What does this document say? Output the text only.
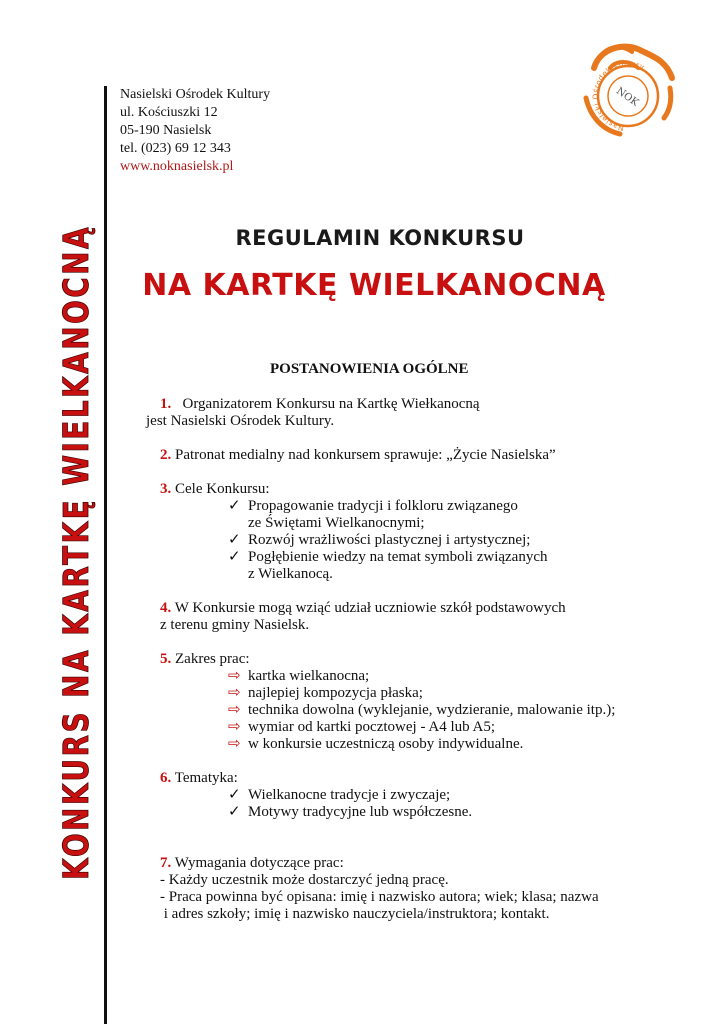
KONKURS NA KARTKĘ WIELKANOCNĄ Nasielski Ośrodek Kultury
ul. Kościuszki 12
05-190 Nasielsk
tel. (023) 69 12 343
www.noknasielsk.pl
Nasielski Ośrodek Kultury
NOK
REGULAMIN KONKURSU
NA KARTKĘ WIELKANOCNĄ
POSTANOWIENIA OGÓLNE

1. Organizatorem Konkursu na Kartkę Wiełkanocną

jest Nasielski Ośrodek Kultury.

2. Patronat medialny nad konkursem sprawuje: „Życie Nasielska”

3. Cele Konkursu:

✓ Propagowanie tradycji i folkloru związanego
ze Świętami Wielkanocnymi;
✓ Rozwój wrażliwości plastycznej i artystycznej;
✓ Pogłębienie wiedzy na temat symboli związanych
z Wielkanocą.

4. W Konkursie mogą wziąć udział uczniowie szkół podstawowych

z terenu gminy Nasielsk.

5. Zakres prac:

⇨ kartka wielkanocna;
⇨ najlepiej kompozycja płaska;
⇨ technika dowolna (wyklejanie, wydzieranie, malowanie itp.);
⇨ wymiar od kartki pocztowej - A4 lub A5;
⇨ w konkursie uczestniczą osoby indywidualne.

6. Tematyka:

✓ Wielkanocne tradycje i zwyczaje;
✓ Motywy tradycyjne lub współczesne.

7. Wymagania dotyczące prac:

- Każdy uczestnik może dostarczyć jedną pracę.

- Praca powinna być opisana: imię i nazwisko autora; wiek; klasa; nazwa

i adres szkoły; imię i nazwisko nauczyciela/instruktora; kontakt.
